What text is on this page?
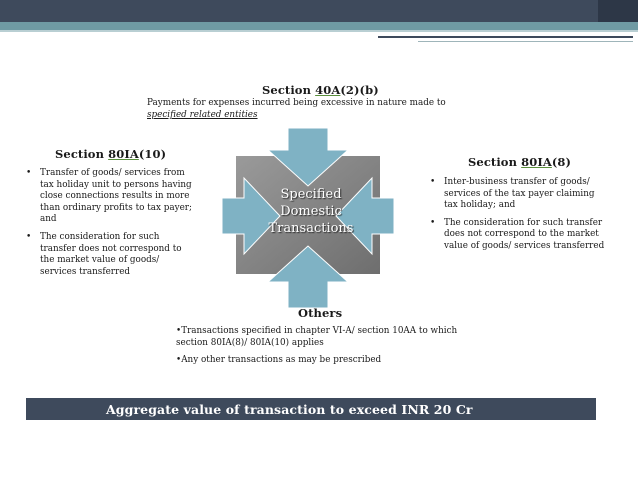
Section 40A(2)(b)
Payments for expenses incurred being excessive in nature made to
specified related entities
Section 80IA(10)
• Transfer of goods/ services from tax holiday unit to persons having close connections results in more than ordinary profits to tax payer; and
• The consideration for such transfer does not correspond to the market value of goods/ services transferred
Section 80IA(8)
• Inter-business transfer of goods/ services of the tax payer claiming tax holiday; and
• The consideration for such transfer does not correspond to the market value of goods/ services transferred
Specified
Domestic
Transactions
Others

•Transactions specified in chapter VI-A/ section 10AA to which section 80IA(8)/ 80IA(10) applies

•Any other transactions as may be prescribed

Aggregate value of transaction to exceed INR 20 Cr
